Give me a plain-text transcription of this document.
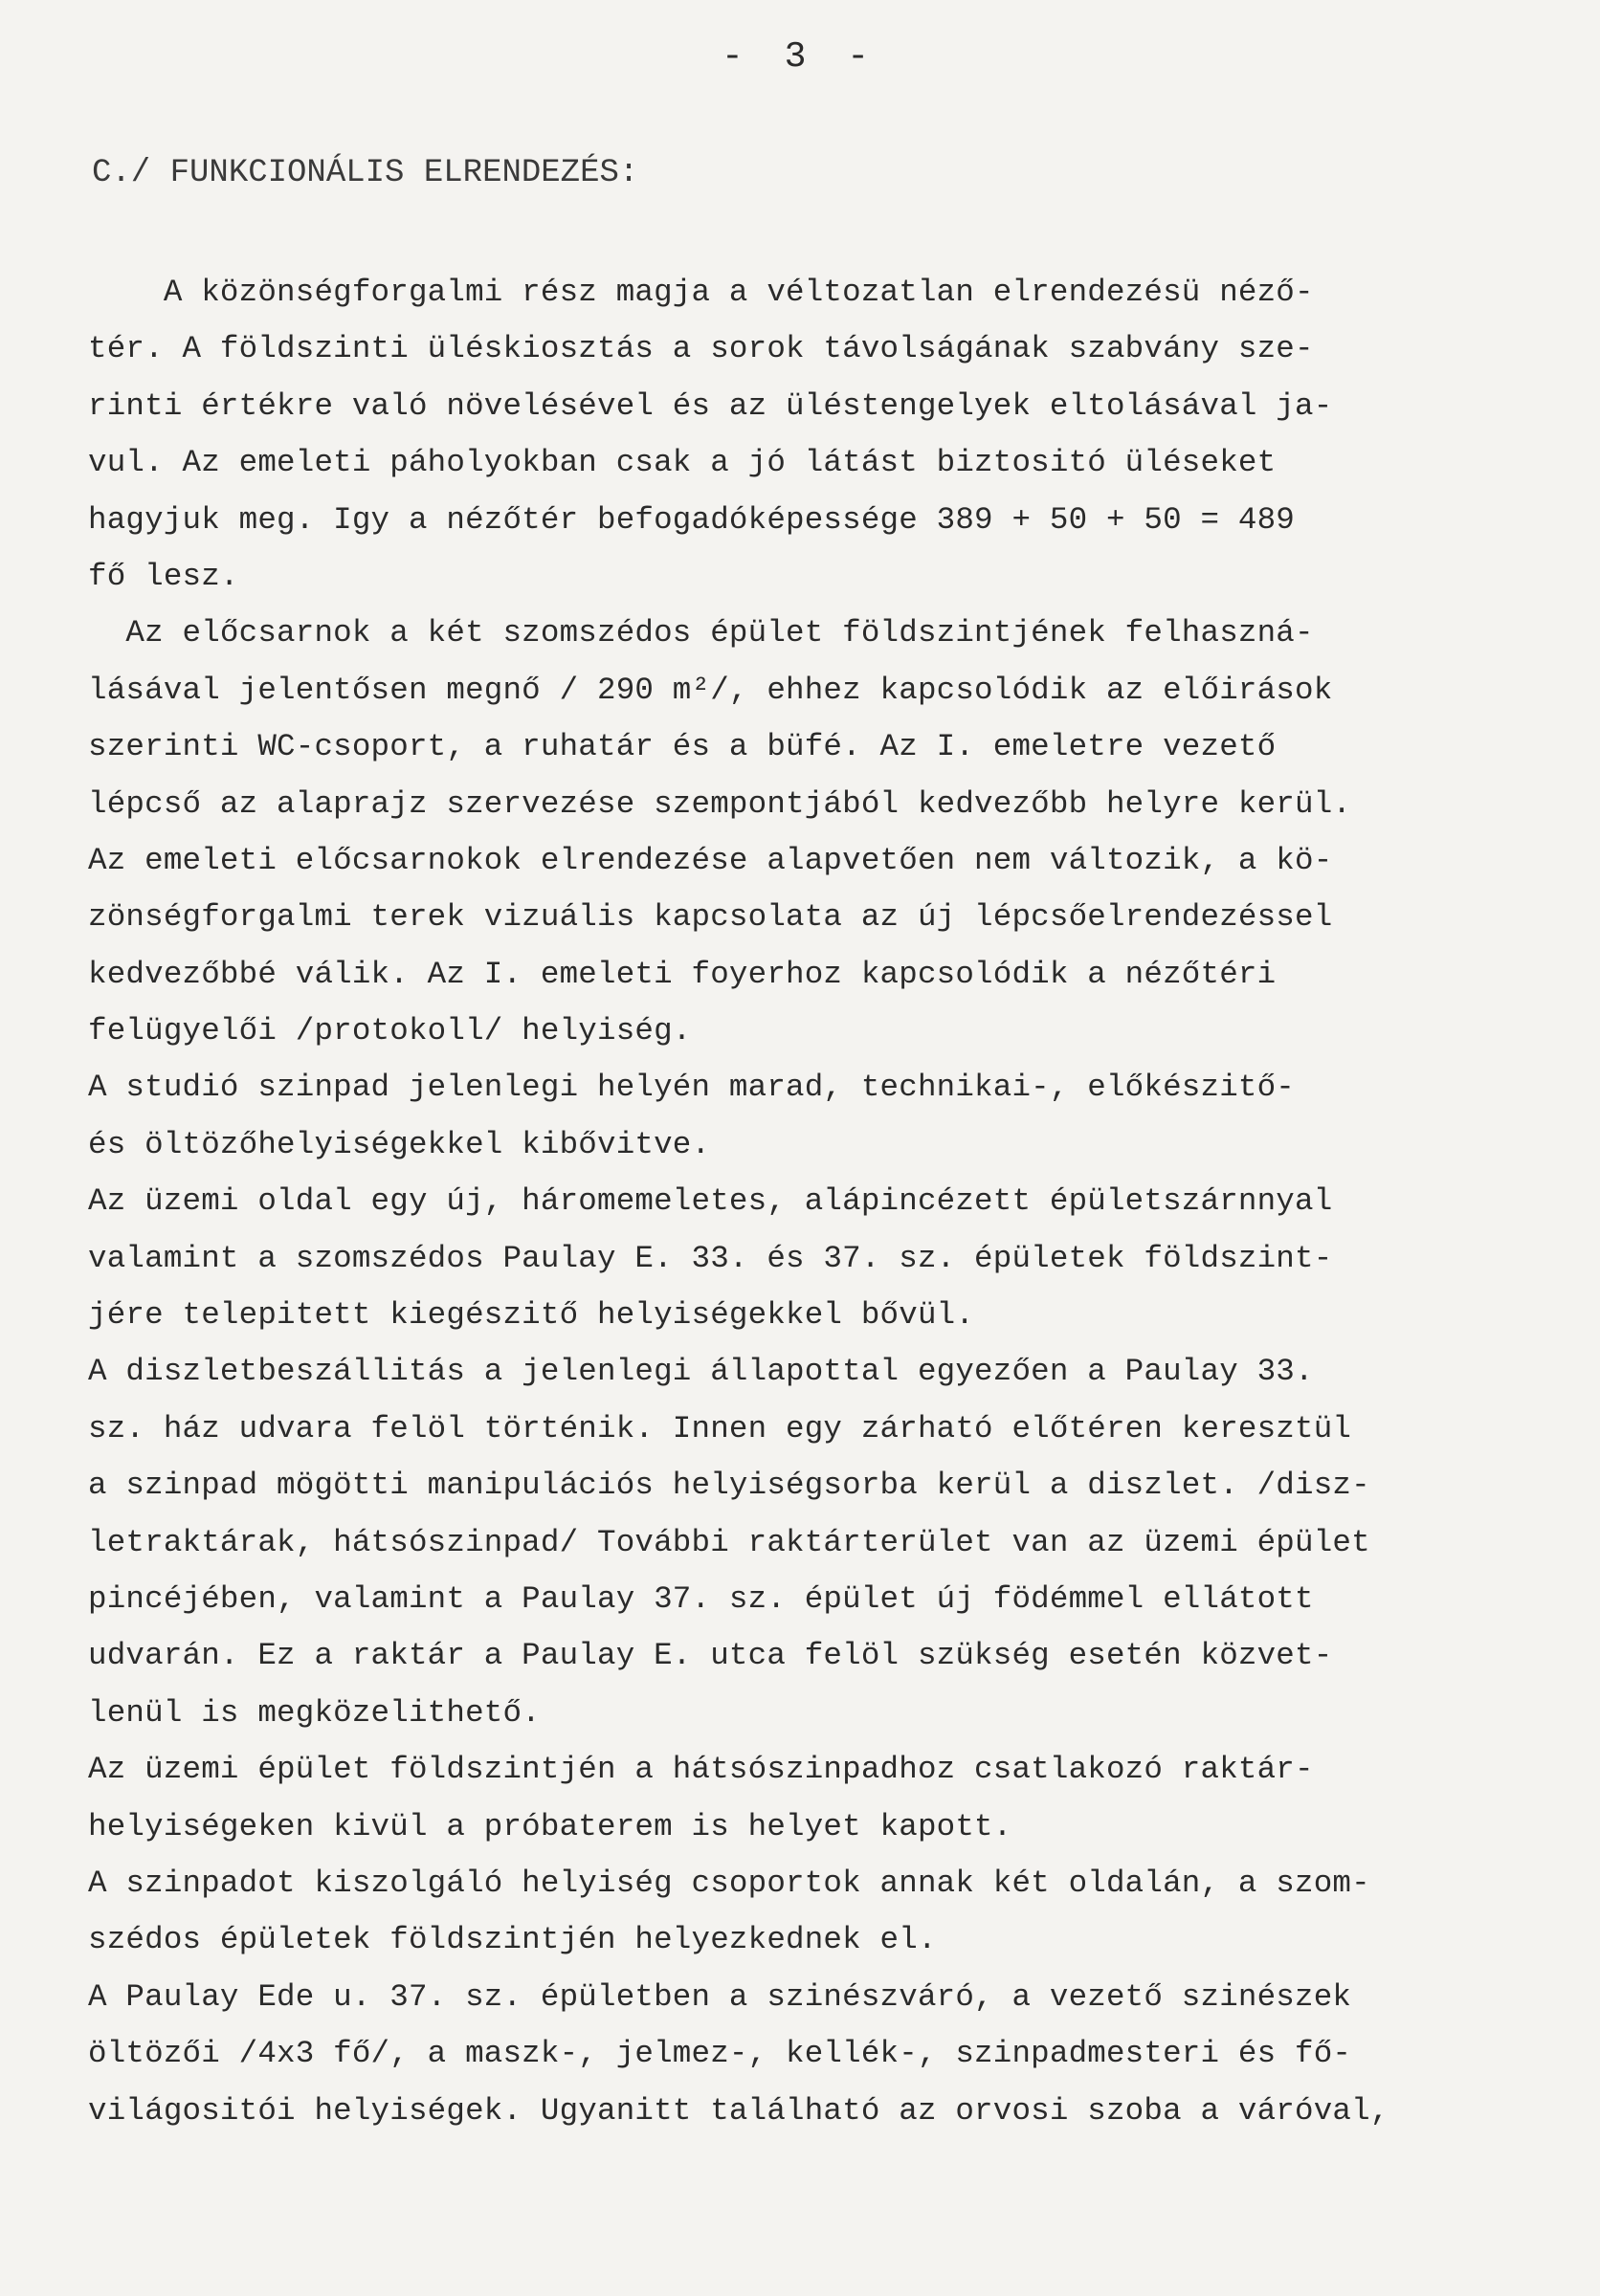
- 3 -
C./ FUNKCIONÁLIS ELRENDEZÉS:
A közönségforgalmi rész magja a véltozatlan elrendezésü néző-
tér. A földszinti üléskiosztás a sorok távolságának szabvány sze-
rinti értékre való növelésével és az üléstengelyek eltolásával ja-
vul. Az emeleti páholyokban csak a jó látást biztositó üléseket
hagyjuk meg. Igy a nézőtér befogadóképessége 389 + 50 + 50 = 489
fő lesz.
Az előcsarnok a két szomszédos épület földszintjének felhaszná-
lásával jelentősen megnő / 290 m²/, ehhez kapcsolódik az előirások
szerinti WC-csoport, a ruhatár és a büfé. Az I. emeletre vezető
lépcső az alaprajz szervezése szempontjából kedvezőbb helyre kerül.
Az emeleti előcsarnokok elrendezése alapvetően nem változik, a kö-
zönségforgalmi terek vizuális kapcsolata az új lépcsőelrendezéssel
kedvezőbbé válik. Az I. emeleti foyerhoz kapcsolódik a nézőtéri
felügyelői /protokoll/ helyiség.
A studió szinpad jelenlegi helyén marad, technikai-, előkészitő-
és öltözőhelyiségekkel kibővitve.
Az üzemi oldal egy új, háromemeletes, alápincézett épületszárnnyal
valamint a szomszédos Paulay E. 33. és 37. sz. épületek földszint-
jére telepitett kiegészitő helyiségekkel bővül.
A diszletbeszállitás a jelenlegi állapottal egyezően a Paulay 33.
sz. ház udvara felöl történik. Innen egy zárható előtéren keresztül
a szinpad mögötti manipulációs helyiségsorba kerül a diszlet. /disz-
letraktárak, hátsószinpad/ További raktárterület van az üzemi épület
pincéjében, valamint a Paulay 37. sz. épület új födémmel ellátott
udvarán. Ez a raktár a Paulay E. utca felöl szükség esetén közvet-
lenül is megközelithető.
Az üzemi épület földszintjén a hátsószinpadhoz csatlakozó raktár-
helyiségeken kivül a próbaterem is helyet kapott.
A szinpadot kiszolgáló helyiség csoportok annak két oldalán, a szom-
szédos épületek földszintjén helyezkednek el.
A Paulay Ede u. 37. sz. épületben a szinészváró, a vezető szinészek
öltözői /4x3 fő/, a maszk-, jelmez-, kellék-, szinpadmesteri és fő-
világositói helyiségek. Ugyanitt található az orvosi szoba a váróval,
